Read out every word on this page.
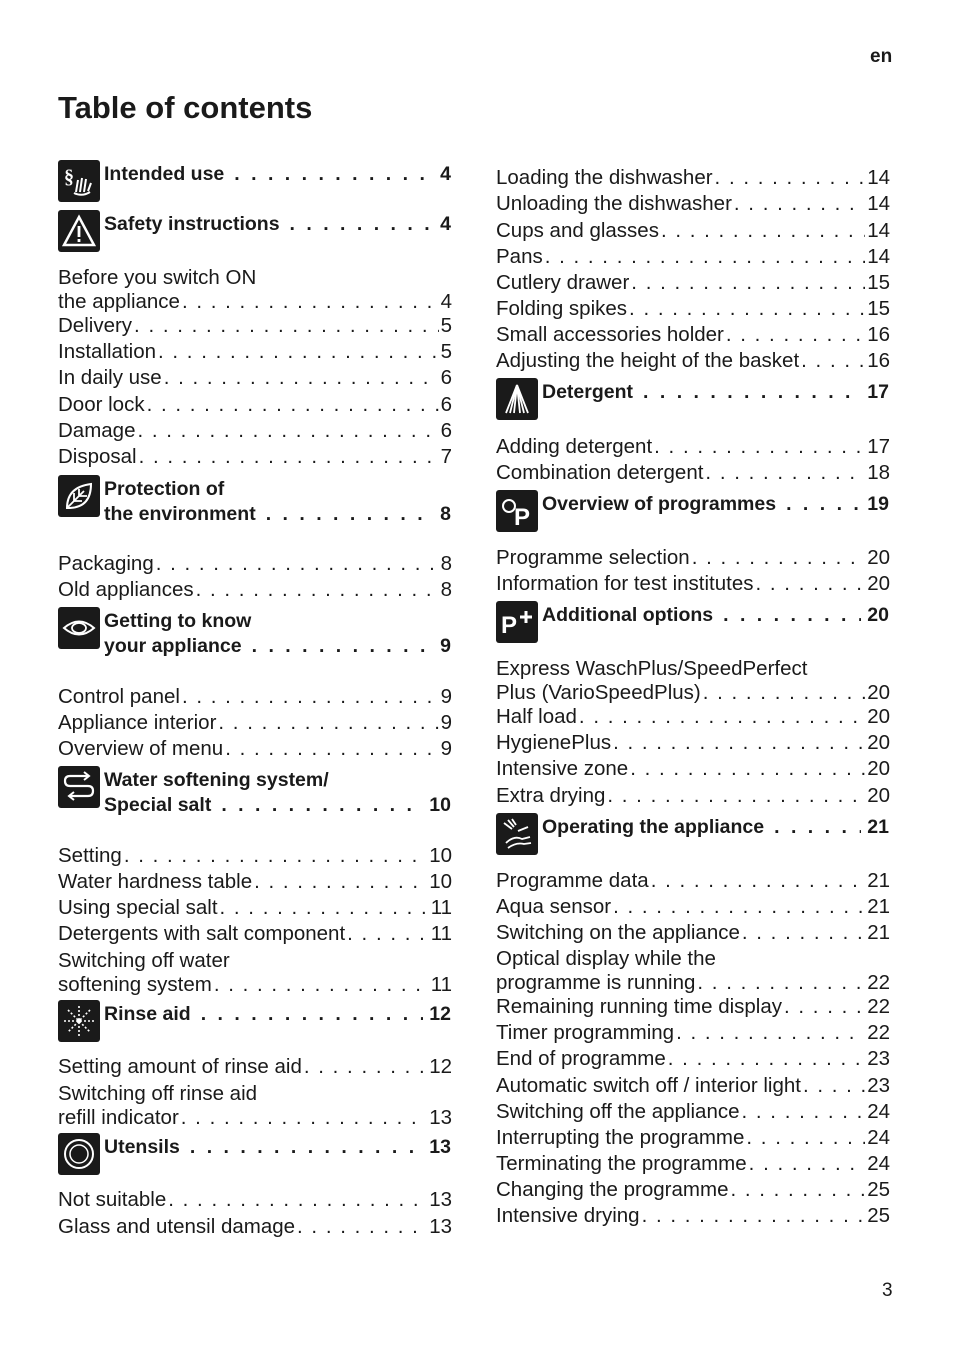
en
Table of contents
§ Intended use . . .	4
Safety instructions . . .	4
Before you switch ON
the appliance . . .	4
Delivery . . .	5
Installation . . .	5
In daily use . . .	6
Door lock . . .	6
Damage . . .	6
Disposal . . .	7
Protection of
the environment . . .	8
Packaging . . .	8
Old appliances . . .	8
Getting to know
your appliance . . .	9
Control panel . . .	9
Appliance interior . . .	9
Overview of menu . . .	9
Water softening system/
Special salt . . .	10
Setting . . .	10
Water hardness table . . .	10
Using special salt . . .	11
Detergents with salt component . . .	11
Switching off water
softening system . . .	11
Rinse aid . . .	12
Setting amount of rinse aid . . .	12
Switching off rinse aid
refill indicator . . .	13
Utensils . . .	13
Not suitable . . .	13
Glass and utensil damage . . .	13
Loading the dishwasher . . .	14
Unloading the dishwasher . . .	14
Cups and glasses . . .	14
Pans . . .	14
Cutlery drawer . . .	15
Folding spikes . . .	15
Small accessories holder . . .	16
Adjusting the height of the basket . . .	16
Detergent . . .	17
Adding detergent . . .	17
Combination detergent . . .	18
P Overview of programmes . . .	19
Programme selection . . .	20
Information for test institutes . . .	20
P Additional options . . .	20
Express WaschPlus/SpeedPerfect
Plus (VarioSpeedPlus) . . .	20
Half load . . .	20
HygienePlus . . .	20
Intensive zone . . .	20
Extra drying . . .	20
Operating the appliance . . .	21
Programme data . . .	21
Aqua sensor . . .	21
Switching on the appliance . . .	21
Optical display while the
programme is running . . .	22
Remaining running time display . . .	22
Timer programming . . .	22
End of programme . . .	23
Automatic switch off / interior light . . .	23
Switching off the appliance . . .	24
Interrupting the programme . . .	24
Terminating the programme . . .	24
Changing the programme . . .	25
Intensive drying . . .	25
3
